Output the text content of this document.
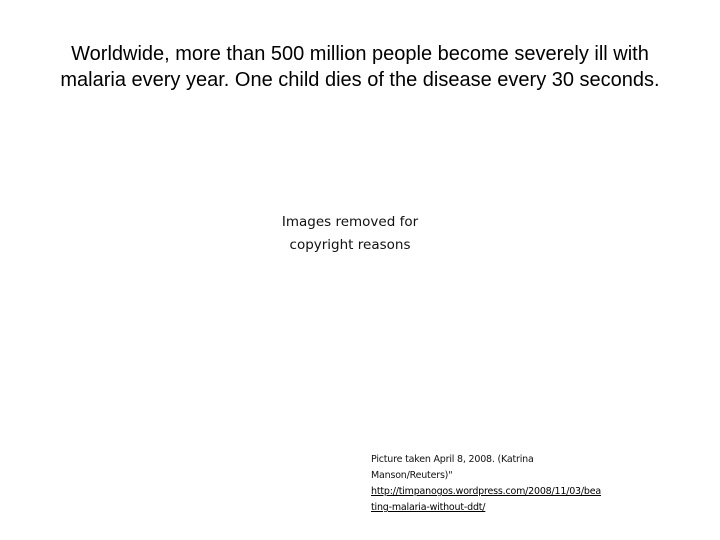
Worldwide, more than 500 million people become severely ill with
malaria every year. One child dies of the disease every 30 seconds.
Images removed for
copyright reasons
Picture taken April 8, 2008. (Katrina
Manson/Reuters)"
http://timpanogos.wordpress.com/2008/11/03/bea
ting-malaria-without-ddt/
